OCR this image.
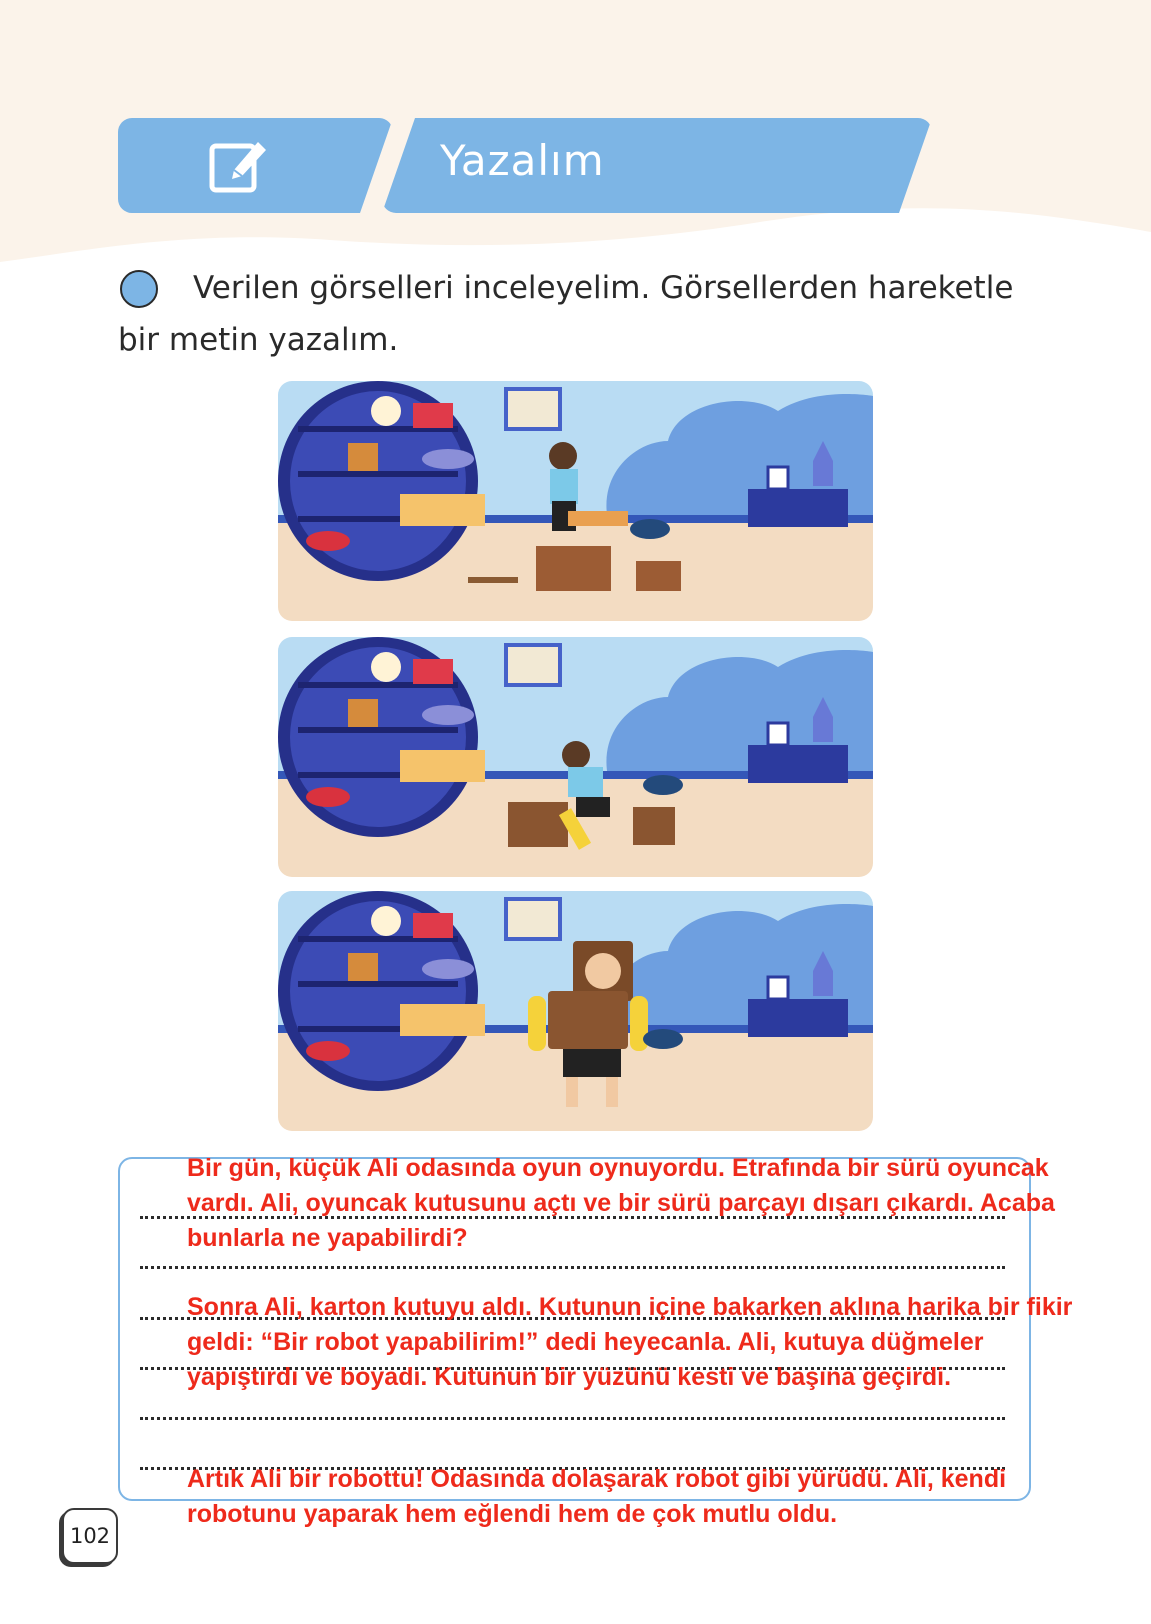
Yazalım
Verilen görselleri inceleyelim. Görsellerden hareketle bir metin yazalım.
Bir gün, küçük Ali odasında oyun oynuyordu. Etrafında bir sürü oyuncak vardı. Ali, oyuncak kutusunu açtı ve bir sürü parçayı dışarı çıkardı. Acaba bunlarla ne yapabilirdi?
Sonra Ali, karton kutuyu aldı. Kutunun içine bakarken aklına harika bir fikir geldi: “Bir robot yapabilirim!” dedi heyecanla. Ali, kutuya düğmeler yapıştırdı ve boyadı. Kutunun bir yüzünü kesti ve başına geçirdi.
Artık Ali bir robottu! Odasında dolaşarak robot gibi yürüdü. Ali, kendi robotunu yaparak hem eğlendi hem de çok mutlu oldu.
102
